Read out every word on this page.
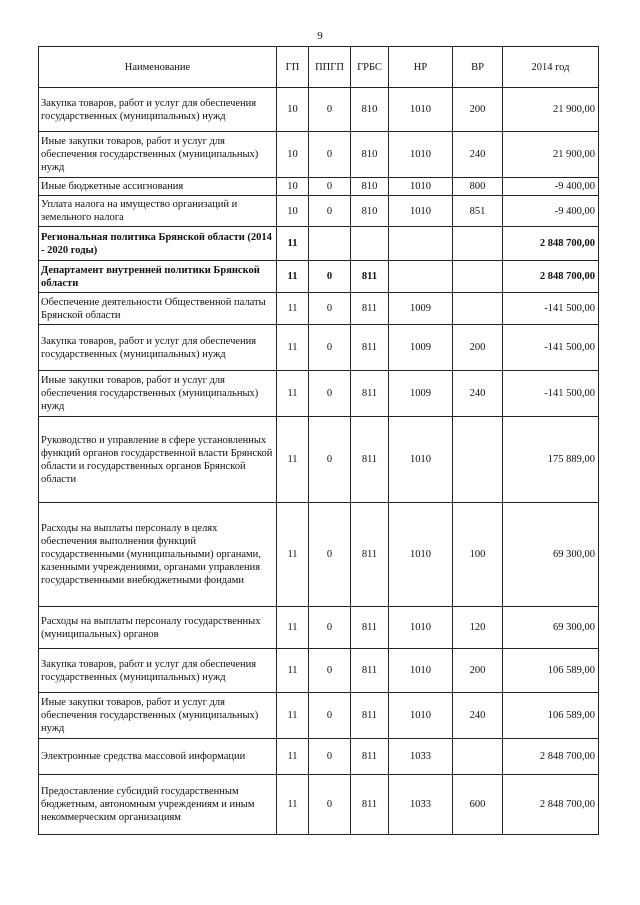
9
Наименование	ГП	ППГП	ГРБС	НР	ВР	2014 год
Закупка товаров, работ и услуг для обеспечения государственных (муниципальных) нужд	10	0	810	1010	200	21 900,00
Иные закупки товаров, работ и услуг для обеспечения государственных (муниципальных) нужд	10	0	810	1010	240	21 900,00
Иные бюджетные ассигнования	10	0	810	1010	800	-9 400,00
Уплата налога на имущество организаций и земельного налога	10	0	810	1010	851	-9 400,00
Региональная политика Брянской области (2014 - 2020 годы)	11					2 848 700,00
Департамент внутренней политики Брянской области	11	0	811			2 848 700,00
Обеспечение деятельности Общественной палаты Брянской области	11	0	811	1009		-141 500,00
Закупка товаров, работ и услуг для обеспечения государственных (муниципальных) нужд	11	0	811	1009	200	-141 500,00
Иные закупки товаров, работ и услуг для обеспечения государственных (муниципальных) нужд	11	0	811	1009	240	-141 500,00
Руководство и управление в сфере установленных функций органов государственной власти Брянской области и государственных органов Брянской области	11	0	811	1010		175 889,00
Расходы на выплаты персоналу в целях обеспечения выполнения функций государственными (муниципальными) органами, казенными учреждениями, органами управления государственными внебюджетными фондами	11	0	811	1010	100	69 300,00
Расходы на выплаты персоналу государственных (муниципальных) органов	11	0	811	1010	120	69 300,00
Закупка товаров, работ и услуг для обеспечения государственных (муниципальных) нужд	11	0	811	1010	200	106 589,00
Иные закупки товаров, работ и услуг для обеспечения государственных (муниципальных) нужд	11	0	811	1010	240	106 589,00
Электронные средства массовой информации	11	0	811	1033		2 848 700,00
Предоставление субсидий государственным бюджетным, автономным учреждениям и иным некоммерческим организациям	11	0	811	1033	600	2 848 700,00
